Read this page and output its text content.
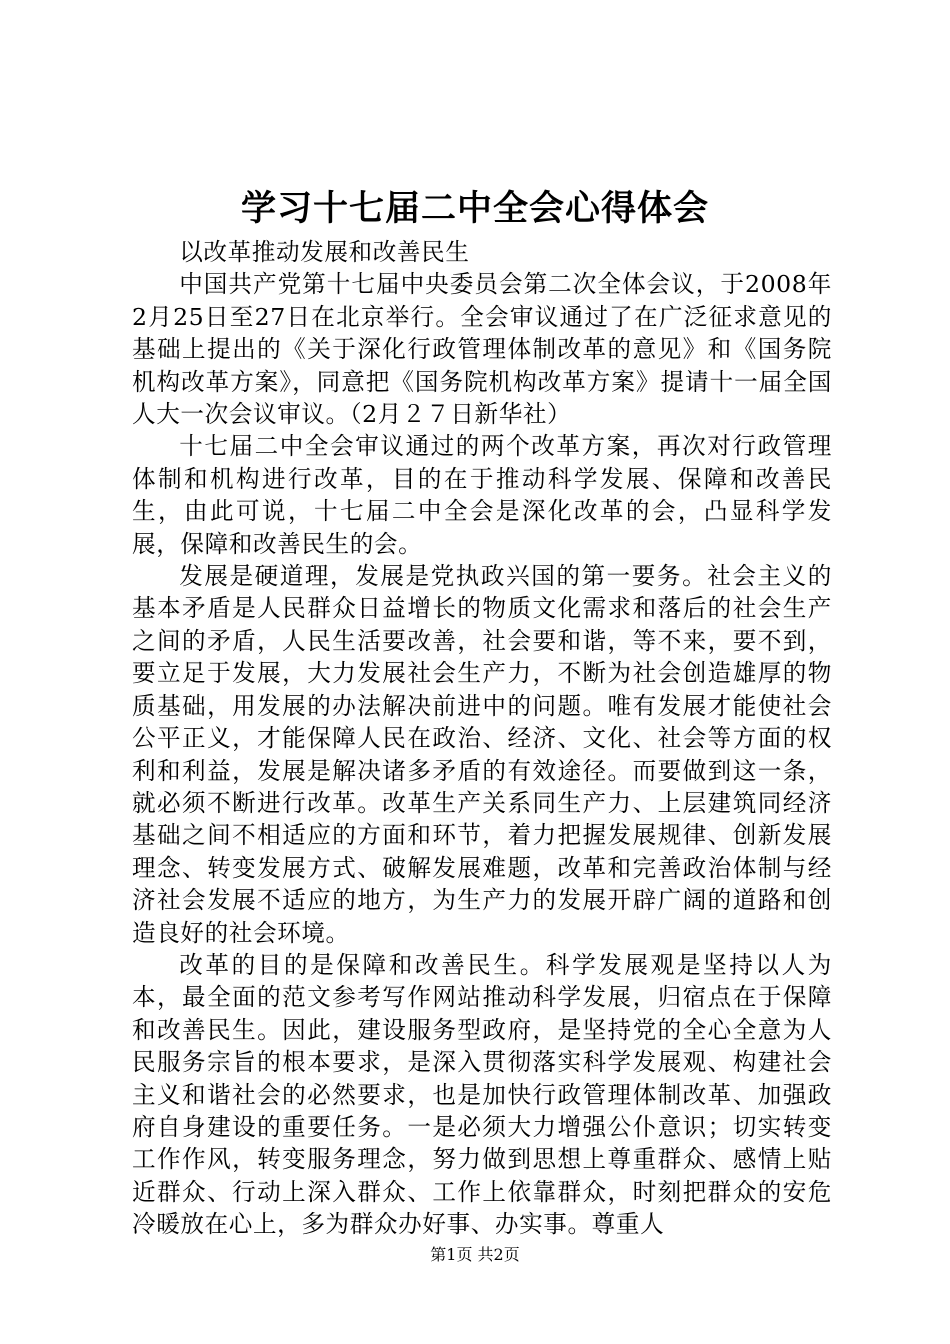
学习十七届二中全会心得体会

以改革推动发展和改善民生

中国共产党第十七届中央委员会第二次全体会议，于2008年2月25日至27日在北京举行。全会审议通过了在广泛征求意见的基础上提出的《关于深化行政管理体制改革的意见》和《国务院机构改革方案》，同意把《国务院机构改革方案》提请十一届全国人大一次会议审议。（2月２７日新华社）

十七届二中全会审议通过的两个改革方案，再次对行政管理体制和机构进行改革，目的在于推动科学发展、保障和改善民生，由此可说，十七届二中全会是深化改革的会，凸显科学发展，保障和改善民生的会。

发展是硬道理，发展是党执政兴国的第一要务。社会主义的基本矛盾是人民群众日益增长的物质文化需求和落后的社会生产之间的矛盾，人民生活要改善，社会要和谐，等不来，要不到，要立足于发展，大力发展社会生产力，不断为社会创造雄厚的物质基础，用发展的办法解决前进中的问题。唯有发展才能使社会公平正义，才能保障人民在政治、经济、文化、社会等方面的权利和利益，发展是解决诸多矛盾的有效途径。而要做到这一条，就必须不断进行改革。改革生产关系同生产力、上层建筑同经济基础之间不相适应的方面和环节，着力把握发展规律、创新发展理念、转变发展方式、破解发展难题，改革和完善政治体制与经济社会发展不适应的地方，为生产力的发展开辟广阔的道路和创造良好的社会环境。

改革的目的是保障和改善民生。科学发展观是坚持以人为本，最全面的范文参考写作网站推动科学发展，归宿点在于保障和改善民生。因此，建设服务型政府，是坚持党的全心全意为人民服务宗旨的根本要求，是深入贯彻落实科学发展观、构建社会主义和谐社会的必然要求，也是加快行政管理体制改革、加强政府自身建设的重要任务。一是必须大力增强公仆意识；切实转变工作作风，转变服务理念，努力做到思想上尊重群众、感情上贴近群众、行动上深入群众、工作上依靠群众，时刻把群众的安危冷暖放在心上，多为群众办好事、办实事。尊重人

第1页 共2页
